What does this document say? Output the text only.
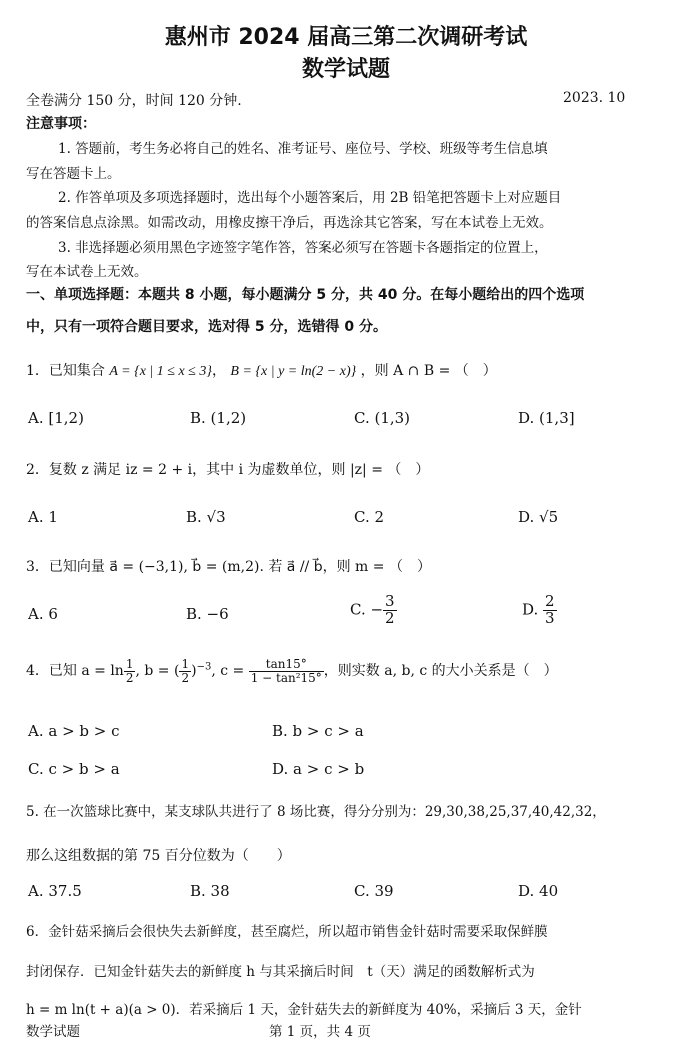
惠州市 2024 届高三第二次调研考试
数学试题
全卷满分 150 分，时间 120 分钟.	2023. 10
注意事项：
1. 答题前，考生务必将自己的姓名、准考证号、座位号、学校、班级等考生信息填
写在答题卡上。
2. 作答单项及多项选择题时，选出每个小题答案后，用 2B 铅笔把答题卡上对应题目
的答案信息点涂黑。如需改动，用橡皮擦干净后，再选涂其它答案，写在本试卷上无效。
3. 非选择题必须用黑色字迹签字笔作答，答案必须写在答题卡各题指定的位置上，
写在本试卷上无效。
一、单项选择题：本题共 8 小题，每小题满分 5 分，共 40 分。在每小题给出的四个选项
中，只有一项符合题目要求，选对得 5 分，选错得 0 分。
1．已知集合 A = {x | 1 ≤ x ≤ 3}， B = {x | y = ln(2 − x)} ，则 A ∩ B = （　）
A. [1,2)	B. (1,2)	C. (1,3)	D. (1,3]
2．复数 z 满足 iz = 2 + i，其中 i 为虚数单位，则 |z| = （　）
A. 1	B. √3	C. 2	D. √5
3．已知向量 a⃗ = (−3,1), b⃗ = (m,2). 若 a⃗ // b⃗，则 m = （　）
A. 6	B. −6	C. − $\frac{3}{2}$	D. $\frac{2}{3}$
4．已知 $a = \ln \frac{1}{2}$ , b = ( $\frac{1}{2} )^{-3}$, $c = \frac{\tan 15^\circ}{\text{1 − tan²15°}}$ ，则实数 a, b, c 的大小关系是（　）
A. a > b > c	B. b > c > a
C. c > b > a	D. a > c > b
5. 在一次篮球比赛中，某支球队共进行了 8 场比赛，得分分别为：29,30,38,25,37,40,42,32，
那么这组数据的第 75 百分位数为（　　）
A. 37.5	B. 38	C. 39	D. 40
6．金针菇采摘后会很快失去新鲜度，甚至腐烂，所以超市销售金针菇时需要采取保鲜膜
封闭保存．已知金针菇失去的新鲜度 h 与其采摘后时间　t（天）满足的函数解析式为
h = m ln(t + a)(a > 0)．若采摘后 1 天，金针菇失去的新鲜度为 40%，采摘后 3 天，金针
数学试题　　　　　　　　　　　　　　第 1 页，共 4 页
